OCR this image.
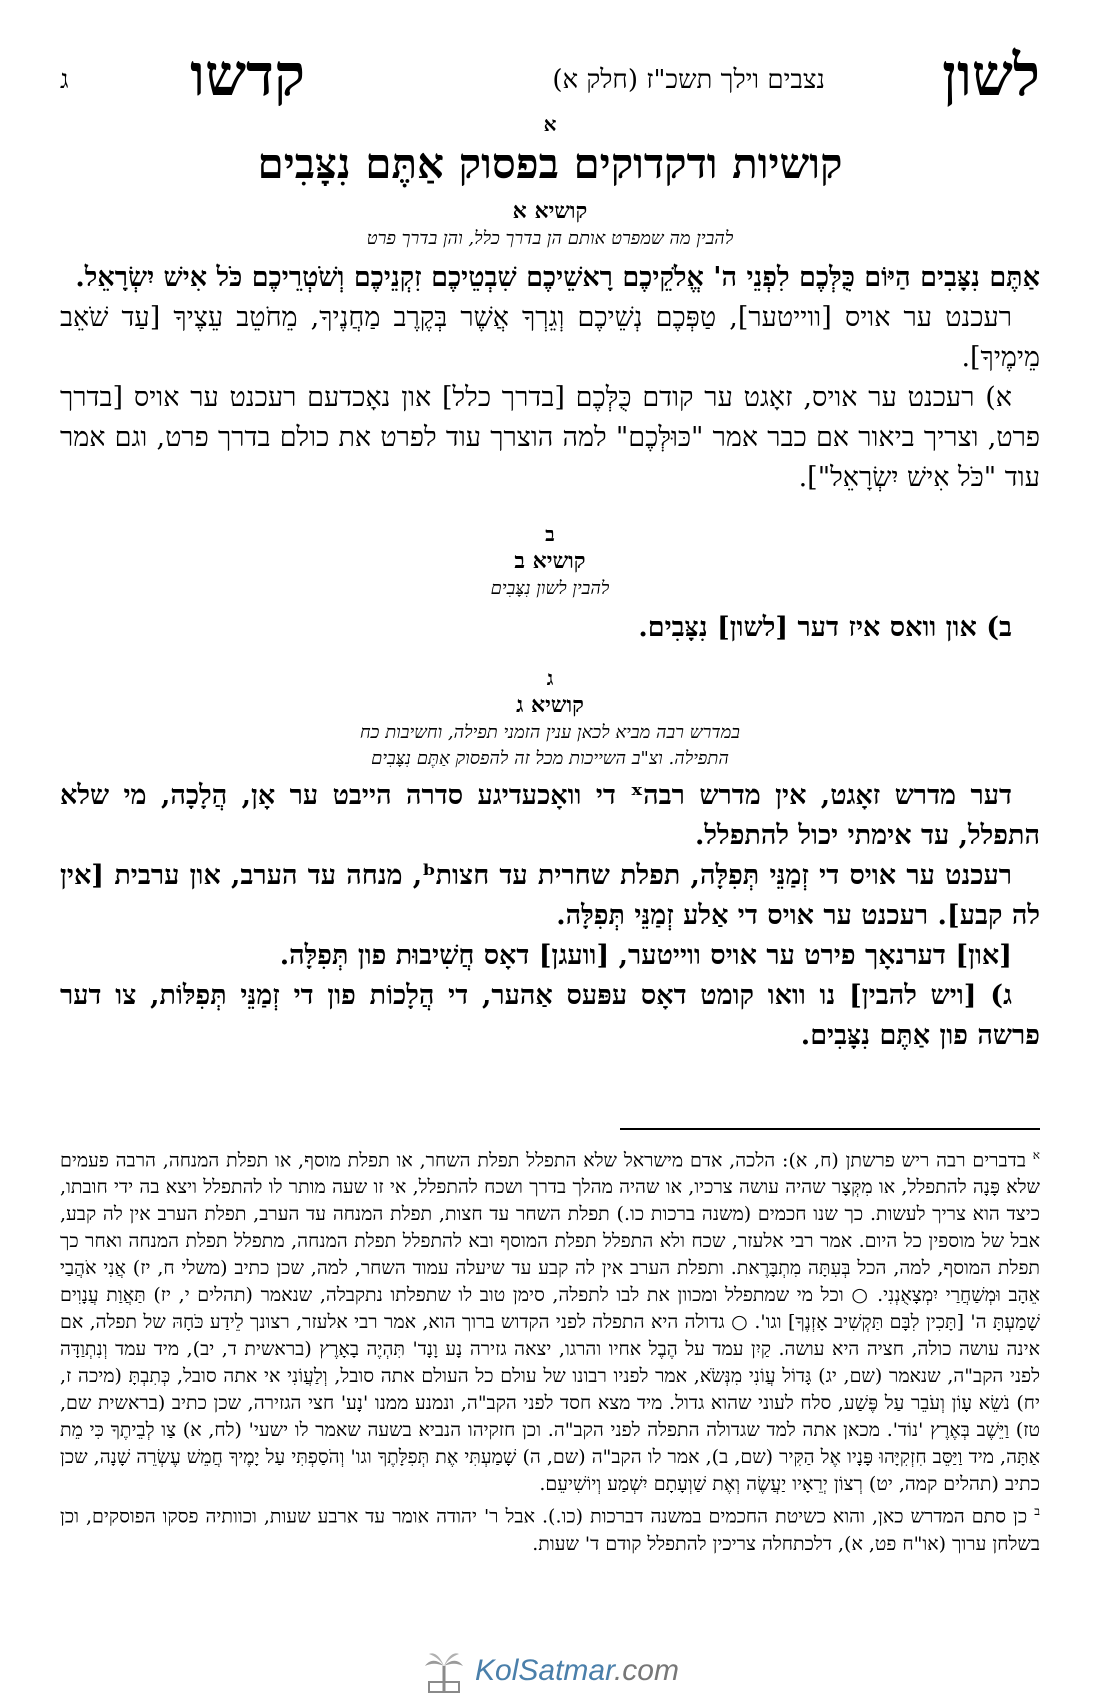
לשון
נצבים וילך תשכ"ז (חלק א)
קדשו
ג
א
קושיות ודקדוקים בפסוק אַתֶּם נִצָּבִים
קושיא א
להבין מה שמפרט אותם הן בדרך כלל, והן בדרך פרט
אַתֶּם נִצָּבִים הַיּוֹם כֻּלְּכֶם לִפְנֵי ה' אֱלֹקֵיכֶם רָאשֵׁיכֶם שִׁבְטֵיכֶם זִקְנֵיכֶם וְשֹׁטְרֵיכֶם כֹּל אִישׁ יִשְׂרָאֵל.
רעכנט ער אויס [ווייטער], טַפְּכֶם נְשֵׁיכֶם וְגֵרְךָ אֲשֶׁר בְּקֶרֶב מַחֲנֶיךָ, מֵחֹטֵב עֵצֶיךָ [עַד שֹׁאֵב מֵימֶיךָ].
א) רעכנט ער אויס, זאָגט ער קודם כֻּלְּכֶם [בדרך כלל] און נאָכדעם רעכנט ער אויס [בדרך פרט, וצריך ביאור אם כבר אמר "כּוּלְּכֶם" למה הוצרך עוד לפרט את כולם בדרך פרט, וגם אמר עוד "כֹּל אִישׁ יִשְׂרָאֵל"].
ב
קושיא ב
להבין לשון נִצָּבִים
ב) און וואס איז דער [לשון] נִצָּבִים.
ג
קושיא ג
במדרש רבה מביא לכאן ענין הזמני תפילה, וחשיבות כח
התפילה. וצ"ב השייכות מכל זה להפסוק אַתֶּם נִצָּבִים
דער מדרש זאָגט, אין מדרש רבהˣ די וואָכעדיגע סדרה הייבט ער אָן, הֲלָכָה, מי שלא התפלל, עד אימתי יכול להתפלל.
רעכנט ער אויס די זְמַנֵּי תְּפִלָּה, תפלת שחרית עד חצותᵇ, מנחה עד הערב, און ערבית [אין לה קבע]. רעכנט ער אויס די אַלע זְמַנֵּי תְּפִלָּה.
[און] דערנאָך פירט ער אויס ווייטער, [וועגן] דאָס חֲשִׁיבוּת פון תְּפִלָּה.
ג) [ויש להבין] נו וואו קומט דאָס עפּעס אַהער, די הֲלָכוֹת פון די זְמַנֵּי תְּפִלּוֹת, צו דער פרשה פון אַתֶּם נִצָּבִים.
$^א$ בדברים רבה ריש פרשתן (ח, א): הלכה, אדם מישראל שלא התפלל תפלת השחר, או תפלת מוסף, או תפלת המנחה, הרבה פעמים שלא פָּנָה להתפלל, או מִקְּצָר שהיה עושה צרכיו, או שהיה מהלך בדרך ושכח להתפלל, אי זו שעה מותר לו להתפלל ויצא בה ידי חובתו, כיצד הוא צריך לעשות. כך שנו חכמים (משנה ברכות כו.) תפלת השחר עד חצות, תפלת המנחה עד הערב, תפלת הערב אין לה קבע, אבל של מוספין כל היום. אמר רבי אלעזר, שכח ולא התפלל תפלת המוסף ובא להתפלל תפלת המנחה, מתפלל תפלת המנחה ואחר כך תפלת המוסף, למה, הכל בְּעִתָּה מִתְבָּרֶאת. ותפלת הערב אין לה קבע עד שיעלה עמוד השחר, למה, שכן כתיב (משלי ח, יז) אֲנִי אֹהֲבַי אֵהָב וּמְשַׁחֲרַי יִמְצָאֻנְנִי. ○ וכל מי שמתפלל ומכוון את לבו לתפלה, סימן טוב לו שתפלתו נתקבלה, שנאמר (תהלים י, יז) תַּאֲוַת עֲנָוִים שָׁמַעְתָּ ה' [תָּכִין לִבָּם תַּקְשִׁיב אָזְנֶךָ] וגו'. ○ גדולה היא התפלה לפני הקדוש ברוך הוא, אמר רבי אלעזר, רצונך לֵידַע כֹּחָהּ של תפלה, אם אינה עושה כולה, חציה היא עושה. קַיִן עמד על הֶבֶל אחיו והרגו, יצאה גזירה נָע וָנָד' תִּהְיֶה בָאָרֶץ (בראשית ד, יב), מיד עמד וְנִתְוַדָּה לפני הקב"ה, שנאמר (שם, יג) גָּדוֹל עֲוֹנִי מִנְּשֹׂא, אמר לפניו רבונו של עולם כל העולם אתה סובל, וְלַעֲוֹנִי אי אתה סובל, כְּתִבְתָּ (מיכה ז, יח) נֹשֵׂא עָוֹן וְעֹבֵר עַל פֶּשַׁע, סלח לעוני שהוא גדול. מיד מצא חסד לפני הקב"ה, ונמנע ממנו 'נָע' חצי הגזירה, שכן כתיב (בראשית שם, טז) וַיֵּשֶׁב בְּאֶרֶץ 'נוֹד'. מכאן אתה למד שגדולה התפלה לפני הקב"ה. וכן חזקיהו הנביא בשעה שאמר לו ישעי' (לח, א) צַו לְבֵיתֶךָ כִּי מֵת אַתָּה, מיד וַיַּסֵּב חִזְקִיָּהוּ פָּנָיו אֶל הַקִּיר (שם, ב), אמר לו הקב"ה (שם, ה) שָׁמַעְתִּי אֶת תְּפִלָּתֶךָ וגו' וְהֹסַפְתִּי עַל יָמֶיךָ חֲמֵשׁ עֶשְׂרֵה שָׁנָה, שכן כתיב (תהלים קמה, יט) רְצוֹן יְרֵאָיו יַעֲשֶׂה וְאֶת שַׁוְעָתָם יִשְׁמַע וְיוֹשִׁיעֵם.
$^ב$ כן סתם המדרש כאן, והוא כשיטת החכמים במשנה דברכות (כו.). אבל ר' יהודה אומר עד ארבע שעות, וכוותיה פסקו הפוסקים, וכן בשלחן ערוך (או"ח פט, א), דלכתחלה צריכין להתפלל קודם ד' שעות.
KolSatmar.com
